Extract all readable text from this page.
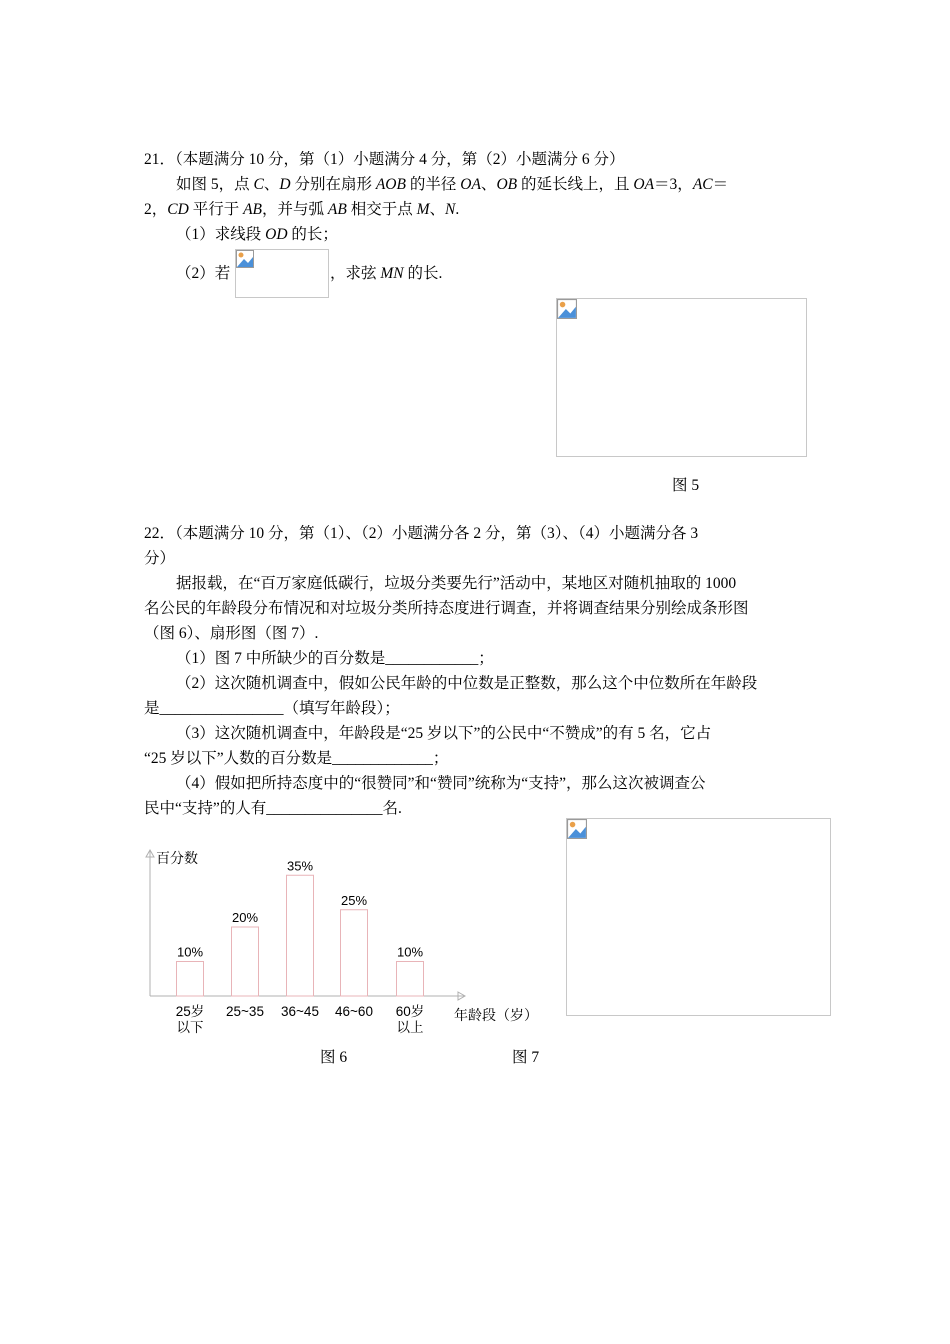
21．（本题满分 10 分，第（1）小题满分 4 分，第（2）小题满分 6 分）
如图 5，点 C、D 分别在扇形 AOB 的半径 OA、OB 的延长线上，且 OA＝3，AC＝
2，CD 平行于 AB，并与弧 AB 相交于点 M、N.
（1）求线段 OD 的长；
（2）若	，求弦 MN 的长.
图 5
22．（本题满分 10 分，第（1）、（2）小题满分各 2 分，第（3）、（4）小题满分各 3
分）
据报载，在“百万家庭低碳行，垃圾分类要先行”活动中，某地区对随机抽取的 1000
名公民的年龄段分布情况和对垃圾分类所持态度进行调查，并将调查结果分别绘成条形图
（图 6）、扇形图（图 7）.
（1）图 7 中所缺少的百分数是____________；
（2）这次随机调查中，假如公民年龄的中位数是正整数，那么这个中位数所在年龄段
是________________（填写年龄段）；
（3）这次随机调查中，年龄段是“25 岁以下”的公民中“不赞成”的有 5 名，它占
“25 岁以下”人数的百分数是_____________；
（4）假如把所持态度中的“很赞同”和“赞同”统称为“支持”，那么这次被调查公
民中“支持”的人有_______________名.
百分数
年龄段（岁）
10%
25岁
以下
20%
25~35
35%
36~45
25%
46~60
10%
60岁
以上
图 6	图 7
